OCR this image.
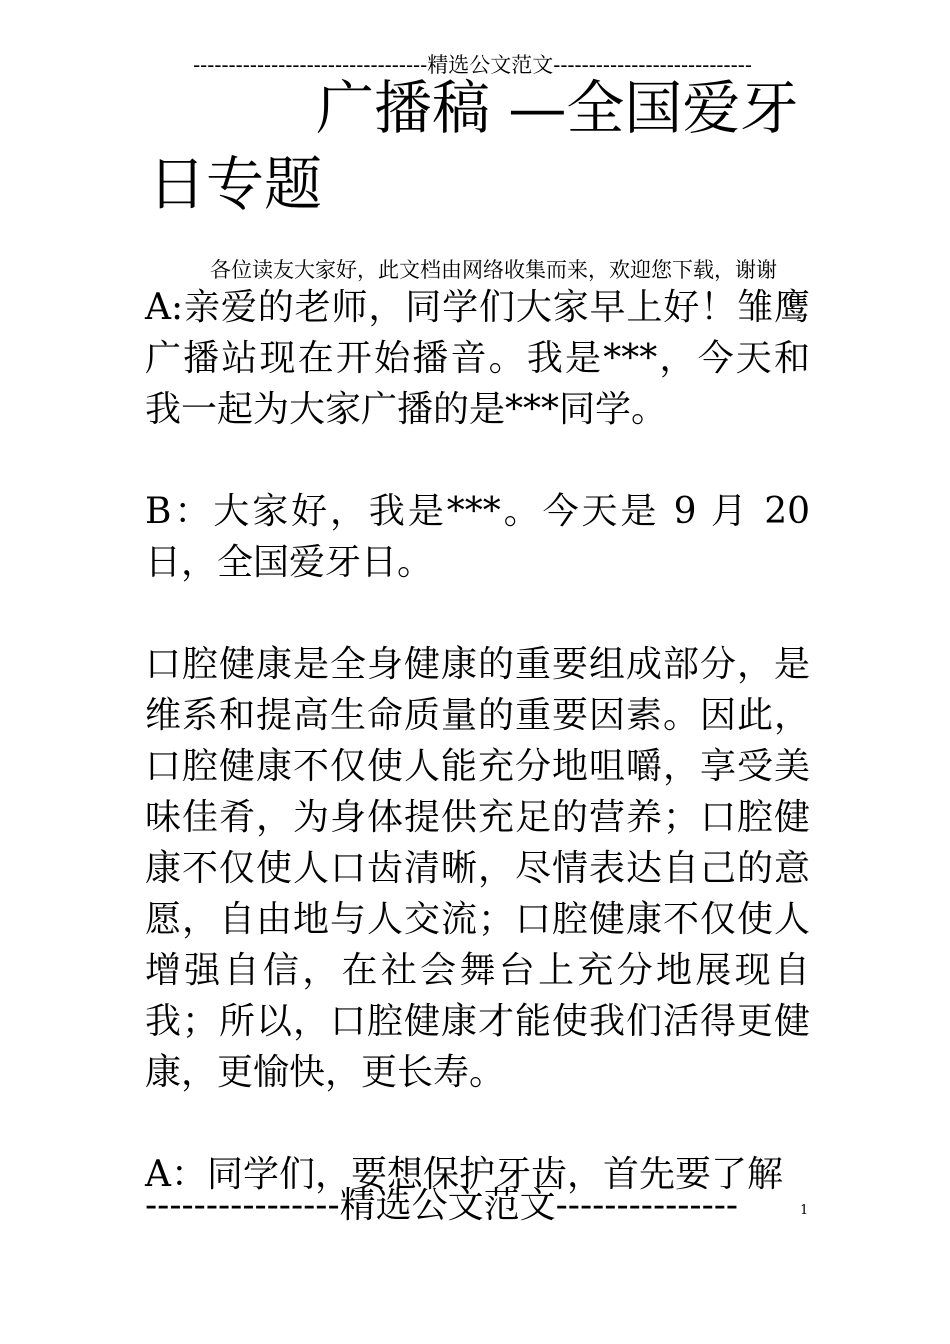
---------------------------------精选公文范文----------------------------
广播稿 —全国爱牙
日专题
各位读友大家好，此文档由网络收集而来，欢迎您下载，谢谢

A:亲爱的老师，同学们大家早上好！雏鹰广播站现在开始播音。我是***，今天和我一起为大家广播的是***同学。

B：大家好，我是***。今天是 9 月 20 日，全国爱牙日。

口腔健康是全身健康的重要组成部分，是维系和提高生命质量的重要因素。因此，口腔健康不仅使人能充分地咀嚼，享受美味佳肴，为身体提供充足的营养；口腔健康不仅使人口齿清晰，尽情表达自己的意愿，自由地与人交流；口腔健康不仅使人增强自信，在社会舞台上充分地展现自我；所以，口腔健康才能使我们活得更健康，更愉快，更长寿。

A：同学们，要想保护牙齿，首先要了解

----------------精选公文范文---------------	1
